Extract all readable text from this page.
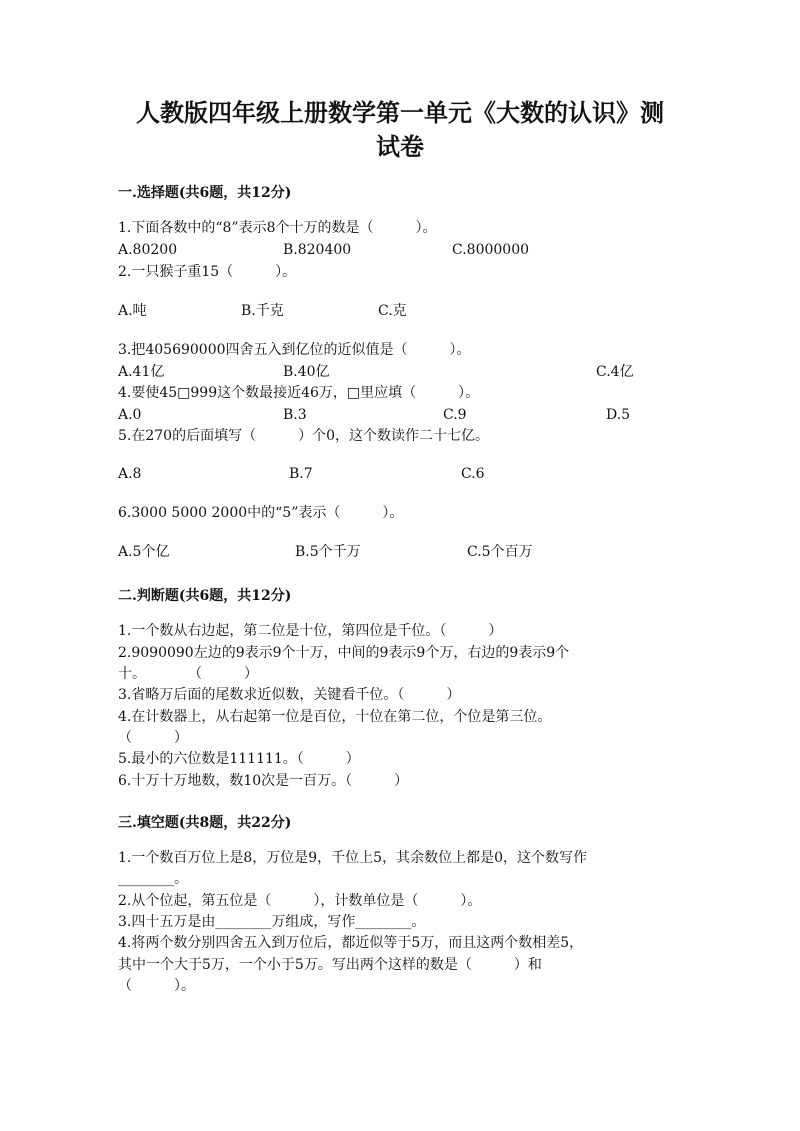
人教版四年级上册数学第一单元《大数的认识》测
试卷
一.选择题(共6题，共12分)
1.下面各数中的“8”表示8个十万的数是（　　　）。
A.80200	B.820400	C.8000000
2.一只猴子重15（　　　）。
A.吨	B.千克	C.克
3.把405690000四舍五入到亿位的近似值是（　　　）。
A.41亿	B.40亿	C.4亿
4.要使45□999这个数最接近46万，□里应填（　　　）。
A.0	B.3	C.9	D.5
5.在270的后面填写（　　　）个0，这个数读作二十七亿。
A.8	B.7	C.6
6.3000 5000 2000中的“5”表示（　　　）。
A.5个亿	B.5个千万	C.5个百万
二.判断题(共6题，共12分)
1.一个数从右边起，第二位是十位，第四位是千位。（　　　）
2.9090090左边的9表示9个十万，中间的9表示9个万，右边的9表示9个
十。　　　　（　　　）
3.省略万后面的尾数求近似数，关键看千位。（　　　）
4.在计数器上，从右起第一位是百位，十位在第二位，个位是第三位。
（　　　）
5.最小的六位数是111111。（　　　）
6.十万十万地数，数10次是一百万。（　　　）
三.填空题(共8题，共22分)
1.一个数百万位上是8，万位是9，千位上5，其余数位上都是0，这个数写作
________。
2.从个位起，第五位是（　　　），计数单位是（　　　）。
3.四十五万是由________万组成，写作________。
4.将两个数分别四舍五入到万位后，都近似等于5万，而且这两个数相差5，
其中一个大于5万，一个小于5万。写出两个这样的数是（　　　）和
（　　　）。
